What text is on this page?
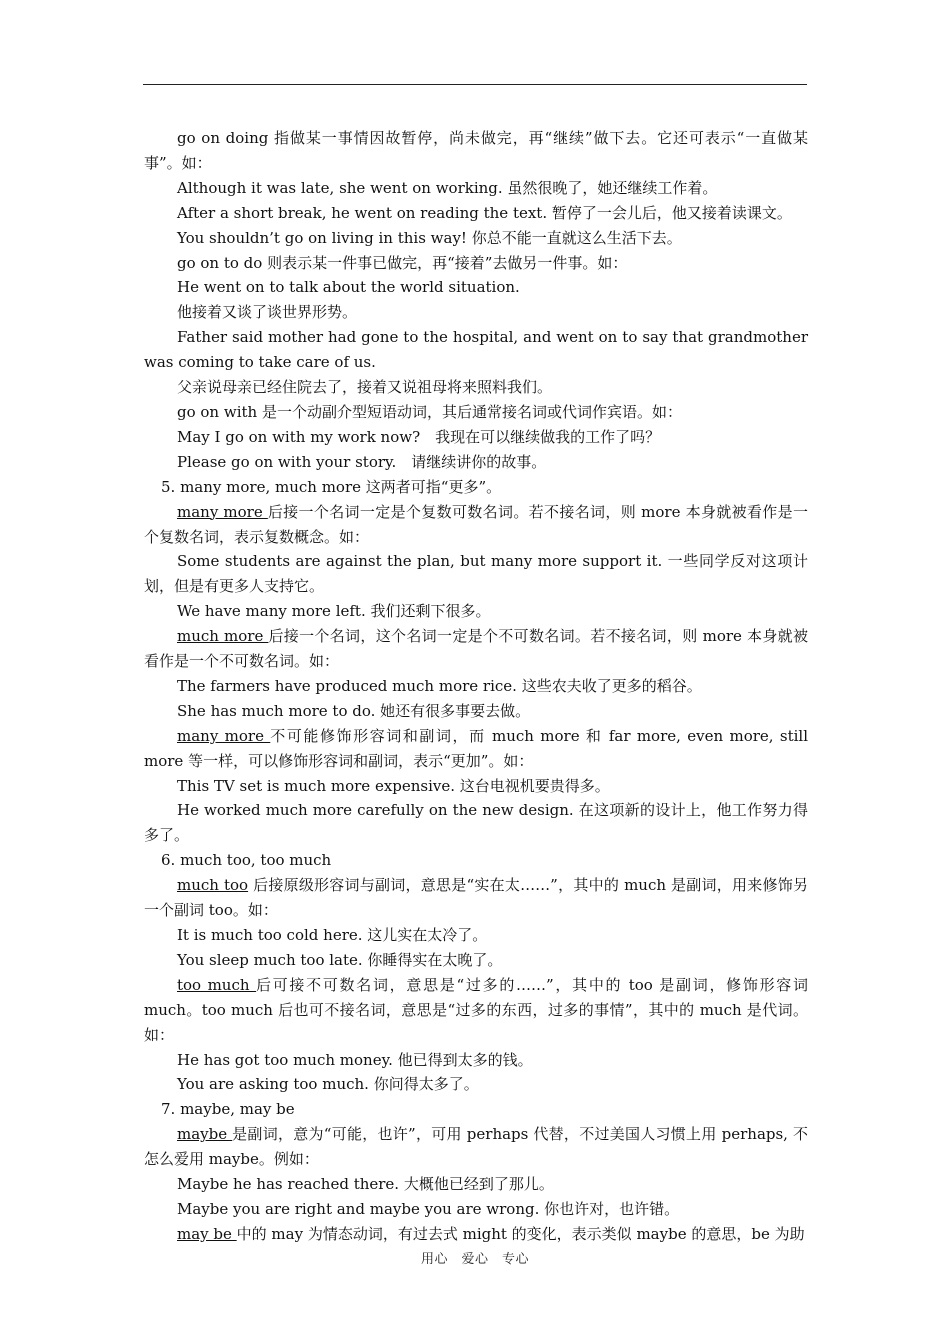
go on doing 指做某一事情因故暂停，尚未做完，再“继续”做下去。它还可表示“一直做某事”。如：

Although it was late, she went on working. 虽然很晚了，她还继续工作着。

After a short break, he went on reading the text. 暂停了一会儿后，他又接着读课文。

You shouldn’t go on living in this way! 你总不能一直就这么生活下去。

go on to do 则表示某一件事已做完，再“接着”去做另一件事。如：

He went on to talk about the world situation.

他接着又谈了谈世界形势。

Father said mother had gone to the hospital, and went on to say that grandmother was coming to take care of us.

父亲说母亲已经住院去了，接着又说祖母将来照料我们。

go on with 是一个动副介型短语动词，其后通常接名词或代词作宾语。如：

May I go on with my work now?　我现在可以继续做我的工作了吗？

Please go on with your story.　请继续讲你的故事。

5. many more, much more 这两者可指“更多”。

many more 后接一个名词一定是个复数可数名词。若不接名词，则 more 本身就被看作是一个复数名词，表示复数概念。如：

Some students are against the plan, but many more support it. 一些同学反对这项计划，但是有更多人支持它。

We have many more left. 我们还剩下很多。

much more 后接一个名词，这个名词一定是个不可数名词。若不接名词，则 more 本身就被看作是一个不可数名词。如：

The farmers have produced much more rice. 这些农夫收了更多的稻谷。

She has much more to do. 她还有很多事要去做。

many more 不可能修饰形容词和副词，而 much more 和 far more, even more, still more 等一样，可以修饰形容词和副词，表示“更加”。如：

This TV set is much more expensive. 这台电视机要贵得多。

He worked much more carefully on the new design. 在这项新的设计上，他工作努力得多了。

6. much too, too much

much too 后接原级形容词与副词，意思是“实在太……”，其中的 much 是副词，用来修饰另一个副词 too。如：

It is much too cold here. 这儿实在太冷了。

You sleep much too late. 你睡得实在太晚了。

too much 后可接不可数名词，意思是“过多的……”，其中的 too 是副词，修饰形容词 much。too much 后也可不接名词，意思是“过多的东西，过多的事情”，其中的 much 是代词。如：

He has got too much money. 他已得到太多的钱。

You are asking too much. 你问得太多了。

7. maybe, may be

maybe 是副词，意为“可能，也许”，可用 perhaps 代替，不过美国人习惯上用 perhaps, 不怎么爱用 maybe。例如：

Maybe he has reached there. 大概他已经到了那儿。

Maybe you are right and maybe you are wrong. 你也许对，也许错。

may be 中的 may 为情态动词，有过去式 might 的变化，表示类似 maybe 的意思，be 为助

用心　爱心　专心
